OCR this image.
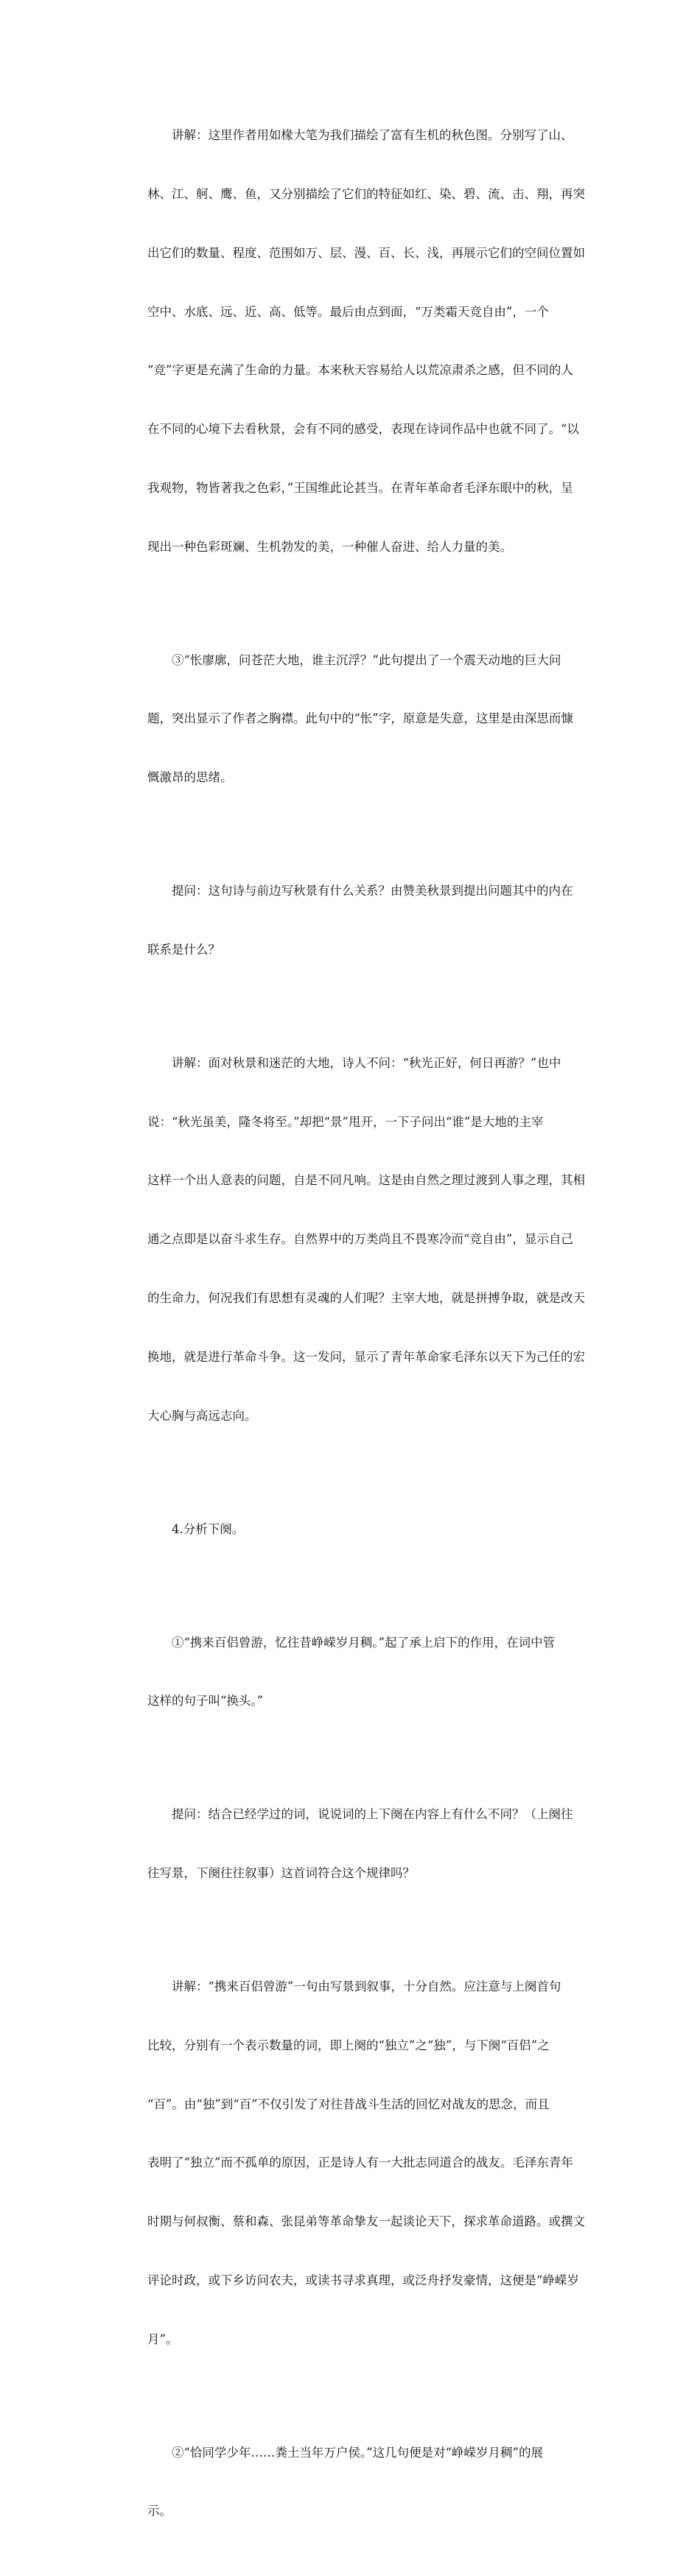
讲解：这里作者用如椽大笔为我们描绘了富有生机的秋色图。分别写了山、

林、江、舸、鹰、鱼，又分别描绘了它们的特征如红、染、碧、流、击、翔，再突

出它们的数量、程度、范围如万、层、漫、百、长、浅，再展示它们的空间位置如

空中、水底、远、近、高、低等。最后由点到面，“万类霜天竞自由”，一个

“竞”字更是充满了生命的力量。本来秋天容易给人以荒凉肃杀之感，但不同的人

在不同的心境下去看秋景，会有不同的感受，表现在诗词作品中也就不同了。“以

我观物，物皆著我之色彩，”王国维此论甚当。在青年革命者毛泽东眼中的秋，呈

现出一种色彩斑斓、生机勃发的美，一种催人奋进、给人力量的美。

③“怅廖廓，问苍茫大地，谁主沉浮？”此句提出了一个震天动地的巨大问

题，突出显示了作者之胸襟。此句中的“怅”字，原意是失意，这里是由深思而慷

慨激昂的思绪。

提问：这句诗与前边写秋景有什么关系？由赞美秋景到提出问题其中的内在

联系是什么？

讲解：面对秋景和迷茫的大地，诗人不问：“秋光正好，何日再游？”也中

说：“秋光虽美，隆冬将至。”却把“景”甩开，一下子问出“谁”是大地的主宰

这样一个出人意表的问题，自是不同凡响。这是由自然之理过渡到人事之理，其相

通之点即是以奋斗求生存。自然界中的万类尚且不畏寒冷而“竞自由”，显示自己

的生命力，何况我们有思想有灵魂的人们呢？主宰大地，就是拼搏争取，就是改天

换地，就是进行革命斗争。这一发问，显示了青年革命家毛泽东以天下为己任的宏

大心胸与高远志向。

4.分析下阕。

①“携来百侣曾游，忆往昔峥嵘岁月稠。”起了承上启下的作用，在词中管

这样的句子叫“换头。”

提问：结合已经学过的词，说说词的上下阕在内容上有什么不同？（上阕往

往写景，下阕往往叙事）这首词符合这个规律吗？

讲解：“携来百侣曾游”一句由写景到叙事，十分自然。应注意与上阕首句

比较，分别有一个表示数量的词，即上阕的“独立”之“独”，与下阕“百侣”之

“百”。由“独”到“百”不仅引发了对往昔战斗生活的回忆对战友的思念，而且

表明了“独立”而不孤单的原因，正是诗人有一大批志同道合的战友。毛泽东青年

时期与何叔衡、蔡和森、张昆弟等革命挚友一起谈论天下，探求革命道路。或撰文

评论时政，或下乡访问农夫，或读书寻求真理，或泛舟抒发豪情，这便是“峥嵘岁

月”。

②“恰同学少年……粪土当年万户侯。”这几句便是对“峥嵘岁月稠”的展

示。
